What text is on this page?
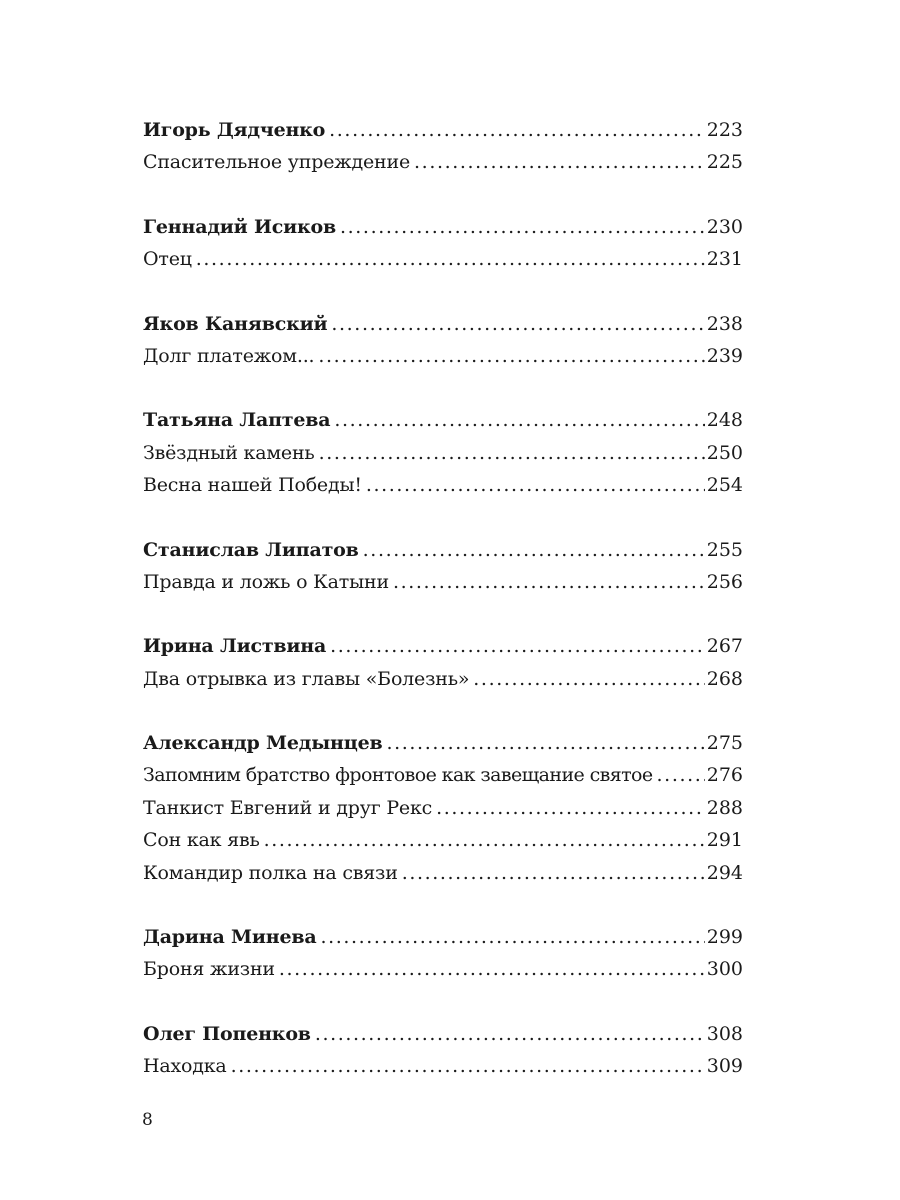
Игорь Дядченко .....	223
Спасительное упреждение .....	225
Геннадий Исиков .....	230
Отец .....	231
Яков Канявский .....	238
Долг платежом... .....	239
Татьяна Лаптева .....	248
Звёздный камень .....	250
Весна нашей Победы! .....	254
Станислав Липатов .....	255
Правда и ложь о Катыни .....	256
Ирина Листвина .....	267
Два отрывка из главы «Болезнь» .....	268
Александр Медынцев .....	275
Запомним братство фронтовое как завещание святое .....	276
Танкист Евгений и друг Рекс .....	288
Сон как явь .....	291
Командир полка на связи .....	294
Дарина Минева .....	299
Броня жизни .....	300
Олег Попенков .....	308
Находка .....	309
8
